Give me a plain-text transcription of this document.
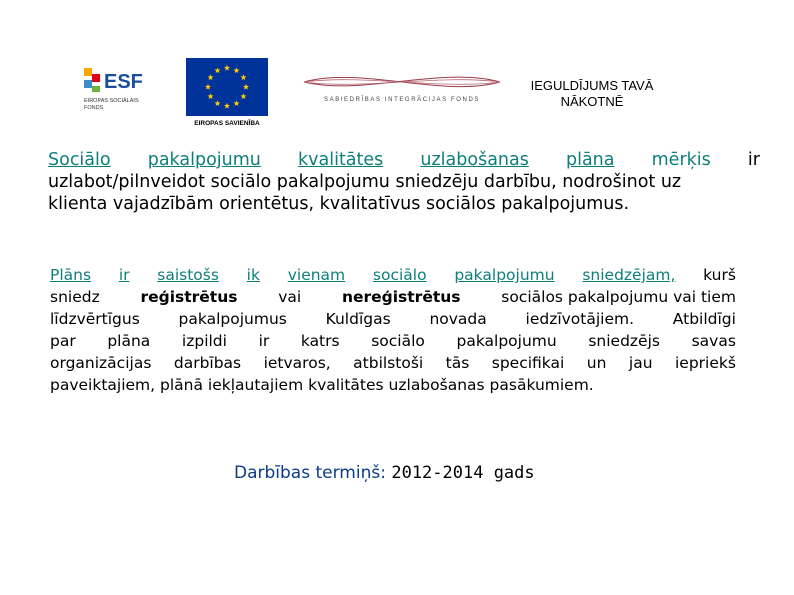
ESF
EIROPAS SOCIĀLAIS
FONDS
EIROPAS SAVIENĪBA
SABIEDRĪBAS INTEGRĀCIJAS FONDS
IEGULDĪJUMS TAVĀ
NĀKOTNĒ
Sociālo pakalpojumu kvalitātes uzlabošanas plāna mērķis ir
uzlabot/pilnveidot sociālo pakalpojumu sniedzēju darbību, nodrošinot uz
klienta vajadzībām orientētus, kvalitatīvus sociālos pakalpojumus.
Plāns ir saistošs ik vienam sociālo pakalpojumu sniedzējam, kurš
sniedz	reģistrētus	vai	nereģistrētus	sociālos pakalpojumu vai tiem
līdzvērtīgus	pakalpojumus	Kuldīgas	novada	iedzīvotājiem.	Atbildīgi
par plāna izpildi ir katrs sociālo pakalpojumu sniedzējs savas
organizācijas darbības ietvaros, atbilstoši tās specifikai un jau iepriekš
paveiktajiem, plānā iekļautajiem kvalitātes uzlabošanas pasākumiem.
Darbības termiņš: 2012-2014 gads
